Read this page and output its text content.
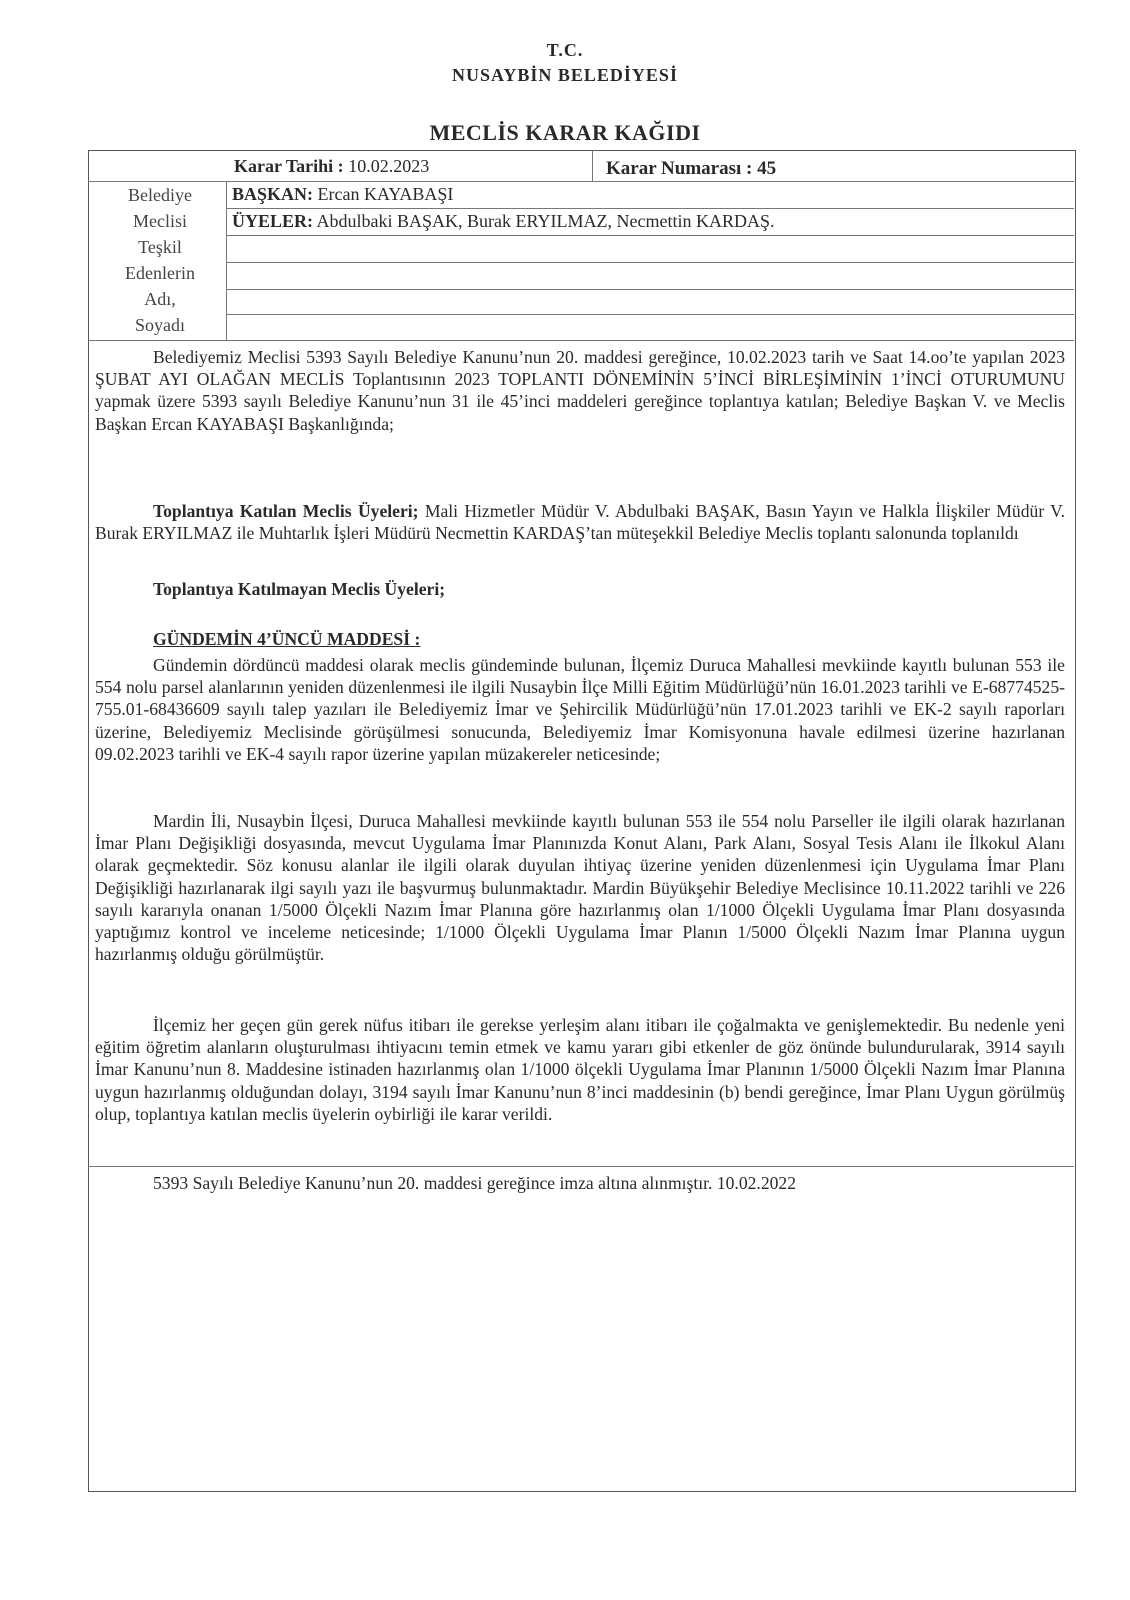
T.C.
NUSAYBİN BELEDİYESİ
MECLİS KARAR KAĞIDI
Karar Tarihi : 10.02.2023	Karar Numarası : 45
Belediye
Meclisi
Teşkil
Edenlerin
Adı,
Soyadı
BAŞKAN: Ercan KAYABAŞI
ÜYELER: Abdulbaki BAŞAK, Burak ERYILMAZ, Necmettin KARDAŞ.

Belediyemiz Meclisi 5393 Sayılı Belediye Kanunu’nun 20. maddesi gereğince, 10.02.2023 tarih ve Saat 14.oo’te yapılan 2023 ŞUBAT AYI OLAĞAN MECLİS Toplantısının 2023 TOPLANTI DÖNEMİNİN 5’İNCİ BİRLEŞİMİNİN 1’İNCİ OTURUMUNU yapmak üzere 5393 sayılı Belediye Kanunu’nun 31 ile 45’inci maddeleri gereğince toplantıya katılan; Belediye Başkan V. ve Meclis Başkan Ercan KAYABAŞI Başkanlığında;

Toplantıya Katılan Meclis Üyeleri; Mali Hizmetler Müdür V. Abdulbaki BAŞAK, Basın Yayın ve Halkla İlişkiler Müdür V. Burak ERYILMAZ ile Muhtarlık İşleri Müdürü Necmettin KARDAŞ’tan müteşekkil Belediye Meclis toplantı salonunda toplanıldı

Toplantıya Katılmayan Meclis Üyeleri;

GÜNDEMİN 4’ÜNCÜ MADDESİ :

Gündemin dördüncü maddesi olarak meclis gündeminde bulunan, İlçemiz Duruca Mahallesi mevkiinde kayıtlı bulunan 553 ile 554 nolu parsel alanlarının yeniden düzenlenmesi ile ilgili Nusaybin İlçe Milli Eğitim Müdürlüğü’nün 16.01.2023 tarihli ve E-68774525-755.01-68436609 sayılı talep yazıları ile Belediyemiz İmar ve Şehircilik Müdürlüğü’nün 17.01.2023 tarihli ve EK-2 sayılı raporları üzerine, Belediyemiz Meclisinde görüşülmesi sonucunda, Belediyemiz İmar Komisyonuna havale edilmesi üzerine hazırlanan 09.02.2023 tarihli ve EK-4 sayılı rapor üzerine yapılan müzakereler neticesinde;

Mardin İli, Nusaybin İlçesi, Duruca Mahallesi mevkiinde kayıtlı bulunan 553 ile 554 nolu Parseller ile ilgili olarak hazırlanan İmar Planı Değişikliği dosyasında, mevcut Uygulama İmar Planınızda Konut Alanı, Park Alanı, Sosyal Tesis Alanı ile İlkokul Alanı olarak geçmektedir. Söz konusu alanlar ile ilgili olarak duyulan ihtiyaç üzerine yeniden düzenlenmesi için Uygulama İmar Planı Değişikliği hazırlanarak ilgi sayılı yazı ile başvurmuş bulunmaktadır. Mardin Büyükşehir Belediye Meclisince 10.11.2022 tarihli ve 226 sayılı kararıyla onanan 1/5000 Ölçekli Nazım İmar Planına göre hazırlanmış olan 1/1000 Ölçekli Uygulama İmar Planı dosyasında yaptığımız kontrol ve inceleme neticesinde; 1/1000 Ölçekli Uygulama İmar Planın 1/5000 Ölçekli Nazım İmar Planına uygun hazırlanmış olduğu görülmüştür.

İlçemiz her geçen gün gerek nüfus itibarı ile gerekse yerleşim alanı itibarı ile çoğalmakta ve genişlemektedir. Bu nedenle yeni eğitim öğretim alanların oluşturulması ihtiyacını temin etmek ve kamu yararı gibi etkenler de göz önünde bulundurularak, 3914 sayılı İmar Kanunu’nun 8. Maddesine istinaden hazırlanmış olan 1/1000 ölçekli Uygulama İmar Planının 1/5000 Ölçekli Nazım İmar Planına uygun hazırlanmış olduğundan dolayı, 3194 sayılı İmar Kanunu’nun 8’inci maddesinin (b) bendi gereğince, İmar Planı Uygun görülmüş olup, toplantıya katılan meclis üyelerin oybirliği ile karar verildi.

5393 Sayılı Belediye Kanunu’nun 20. maddesi gereğince imza altına alınmıştır. 10.02.2022
